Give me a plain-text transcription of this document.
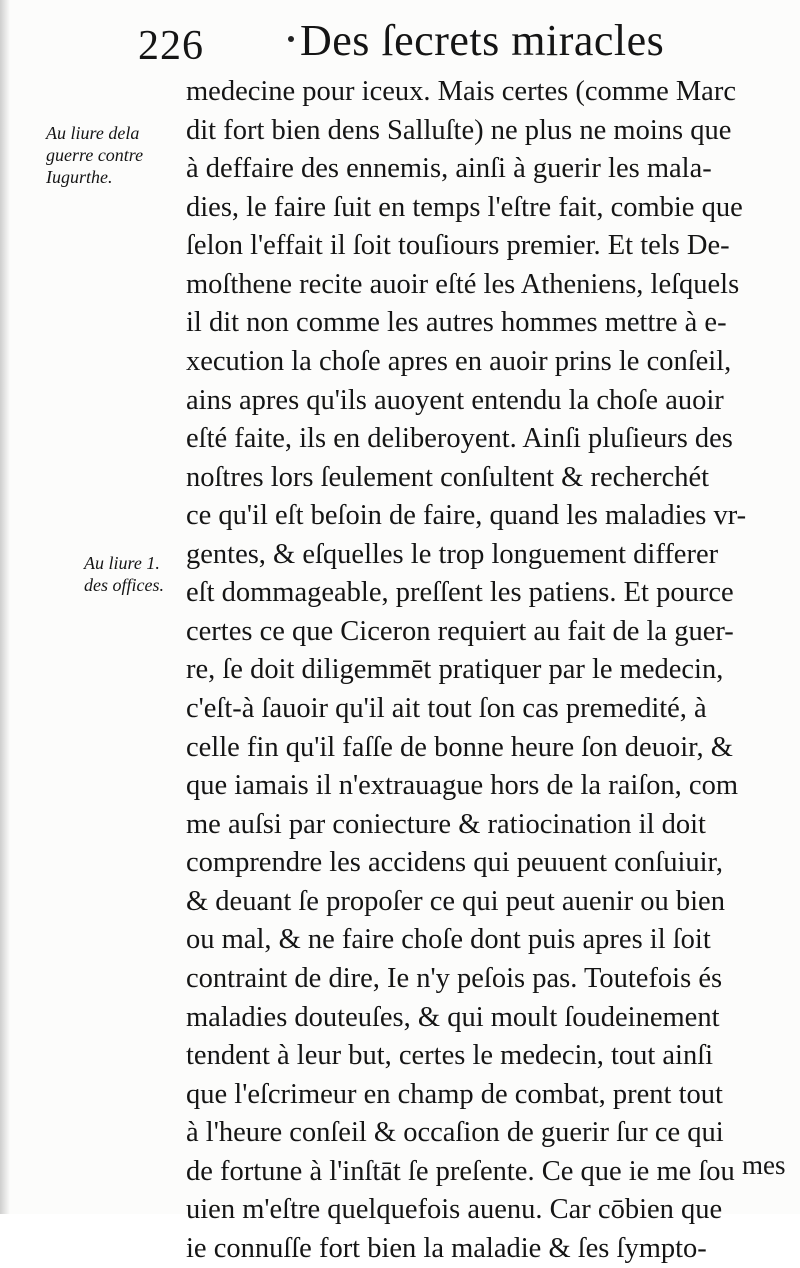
226 Des ſecrets miracles
Au liure dela
guerre contre
Iugurthe.
Au liure 1.
des offices.
medecine pour iceux. Mais certes (comme Marc
dit fort bien dens Salluſte) ne plus ne moins que
à deffaire des ennemis, ainſi à guerir les mala-
dies, le faire ſuit en temps l'eſtre fait, combie que
ſelon l'effait il ſoit touſiours premier. Et tels De-
moſthene recite auoir eſté les Atheniens, leſquels
il dit non comme les autres hommes mettre à e-
xecution la choſe apres en auoir prins le conſeil,
ains apres qu'ils auoyent entendu la choſe auoir
eſté faite, ils en deliberoyent. Ainſi pluſieurs des
noſtres lors ſeulement conſultent & recherchét
ce qu'il eſt beſoin de faire, quand les maladies vr-
gentes, & eſquelles le trop longuement differer
eſt dommageable, preſſent les patiens. Et pource
certes ce que Ciceron requiert au fait de la guer-
re, ſe doit diligemmēt pratiquer par le medecin,
c'eſt-à ſauoir qu'il ait tout ſon cas premedité, à
celle fin qu'il faſſe de bonne heure ſon deuoir, &
que iamais il n'extrauague hors de la raiſon, com
me auſsi par coniecture & ratiocination il doit
comprendre les accidens qui peuuent conſuiuir,
& deuant ſe propoſer ce qui peut auenir ou bien
ou mal, & ne faire choſe dont puis apres il ſoit
contraint de dire, Ie n'y peſois pas. Toutefois és
maladies douteuſes, & qui moult ſoudeinement
tendent à leur but, certes le medecin, tout ainſi
que l'eſcrimeur en champ de combat, prent tout
à l'heure conſeil & occaſion de guerir ſur ce qui
de fortune à l'inſtāt ſe preſente. Ce que ie me ſou
uien m'eſtre quelquefois auenu. Car cōbien que
ie connuſſe fort bien la maladie & ſes ſympto-
mes
